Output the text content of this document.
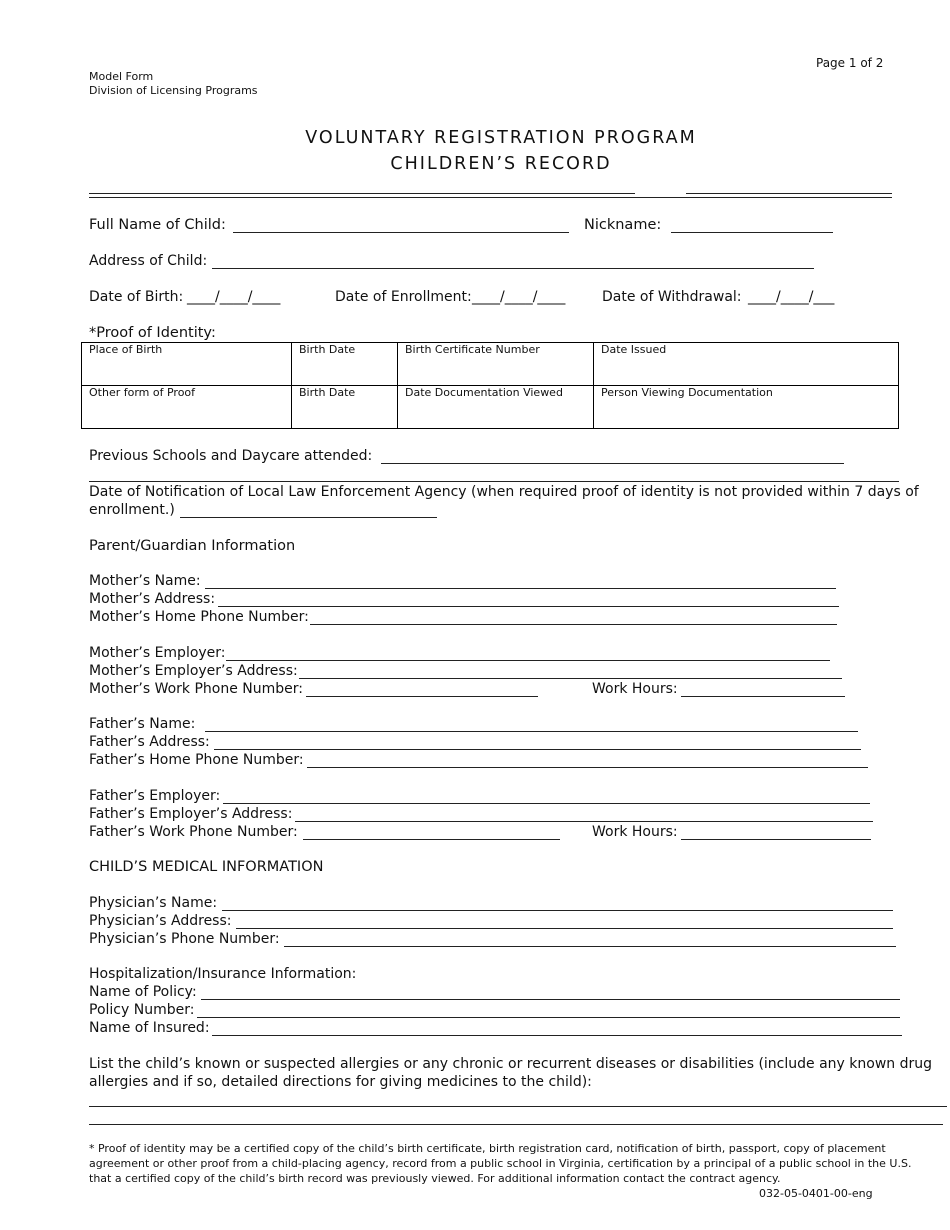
Page 1 of 2
Model Form
Division of Licensing Programs
VOLUNTARY REGISTRATION PROGRAM
CHILDREN’S RECORD
Full Name of Child:	Nickname:
Address of Child:
Date of Birth: ____/____/____	Date of Enrollment: ____/____/____	Date of Withdrawal: ____/____/___
*Proof of Identity:
Place of Birth	Birth Date	Birth Certificate Number	Date Issued
Other form of Proof	Birth Date	Date Documentation Viewed	Person Viewing Documentation
Previous Schools and Daycare attended:
Date of Notification of Local Law Enforcement Agency (when required proof of identity is not provided within 7 days of
enrollment.)
Parent/Guardian Information
Mother’s Name:
Mother’s Address:
Mother’s Home Phone Number:
Mother’s Employer:
Mother’s Employer’s Address:
Mother’s Work Phone Number:	Work Hours:
Father’s Name:
Father’s Address:
Father’s Home Phone Number:
Father’s Employer:
Father’s Employer’s Address:
Father’s Work Phone Number:	Work Hours:
CHILD’S MEDICAL INFORMATION
Physician’s Name:
Physician’s Address:
Physician’s Phone Number:
Hospitalization/Insurance Information:
Name of Policy:
Policy Number:
Name of Insured:
List the child’s known or suspected allergies or any chronic or recurrent diseases or disabilities (include any known drug
allergies and if so, detailed directions for giving medicines to the child):
* Proof of identity may be a certified copy of the child’s birth certificate, birth registration card, notification of birth, passport, copy of placement
agreement or other proof from a child-placing agency, record from a public school in Virginia, certification by a principal of a public school in the U.S.
that a certified copy of the child’s birth record was previously viewed. For additional information contact the contract agency.
032-05-0401-00-eng
